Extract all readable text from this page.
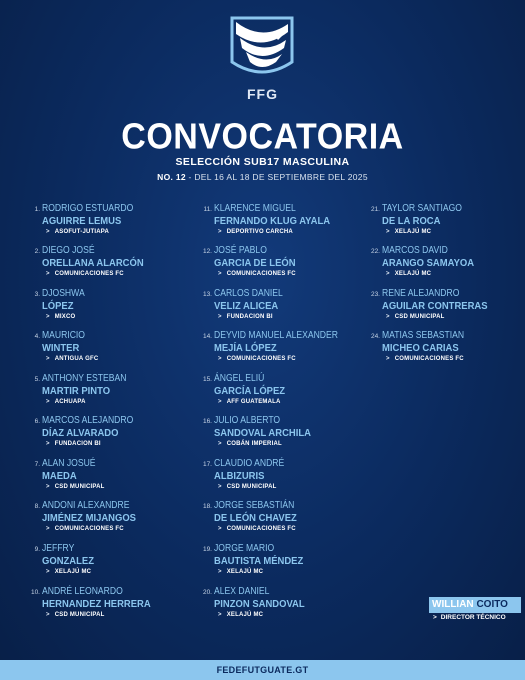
FFG
CONVOCATORIA
SELECCIÓN SUB17 MASCULINA
NO. 12 - DEL 16 AL 18 DE SEPTIEMBRE DEL 2025
1. RODRIGO ESTUARDO
AGUIRRE LEMUS
> ASOFUT-JUTIAPA
2. DIEGO JOSÉ
ORELLANA ALARCÓN
> COMUNICACIONES FC
3. DJOSHWA
LÓPEZ
> MIXCO
4. MAURICIO
WINTER
> ANTIGUA GFC
5. ANTHONY ESTEBAN
MARTIR PINTO
> ACHUAPA
6. MARCOS ALEJANDRO
DÍAZ ALVARADO
> FUNDACION BI
7. ALAN JOSUÉ
MAEDA
> CSD MUNICIPAL
8. ANDONI ALEXANDRE
JIMÉNEZ MIJANGOS
> COMUNICACIONES FC
9. JEFFRY
GONZALEZ
> XELAJÚ MC
10. ANDRÉ LEONARDO
HERNANDEZ HERRERA
> CSD MUNICIPAL
11. KLARENCE MIGUEL
FERNANDO KLUG AYALA
> DEPORTIVO CARCHA
12. JOSÉ PABLO
GARCIA DE LEÓN
> COMUNICACIONES FC
13. CARLOS DANIEL
VELIZ ALICEA
> FUNDACION BI
14. DEYVID MANUEL ALEXANDER
MEJÍA LÓPEZ
> COMUNICACIONES FC
15. ÁNGEL ELIÚ
GARCÍA LÓPEZ
> AFF GUATEMALA
16. JULIO ALBERTO
SANDOVAL ARCHILA
> COBÁN IMPERIAL
17. CLAUDIO ANDRÉ
ALBIZURIS
> CSD MUNICIPAL
18. JORGE SEBASTIÁN
DE LEÓN CHAVEZ
> COMUNICACIONES FC
19. JORGE MARIO
BAUTISTA MÉNDEZ
> XELAJÚ MC
20. ALEX DANIEL
PINZON SANDOVAL
> XELAJÚ MC
21. TAYLOR SANTIAGO
DE LA ROCA
> XELAJÚ MC
22. MARCOS DAVID
ARANGO SAMAYOA
> XELAJÚ MC
23. RENE ALEJANDRO
AGUILAR CONTRERAS
> CSD MUNICIPAL
24. MATIAS SEBASTIAN
MICHEO CARIAS
> COMUNICACIONES FC
WILLIAN COITO
> DIRECTOR TÉCNICO
FEDEFUTGUATE.GT
